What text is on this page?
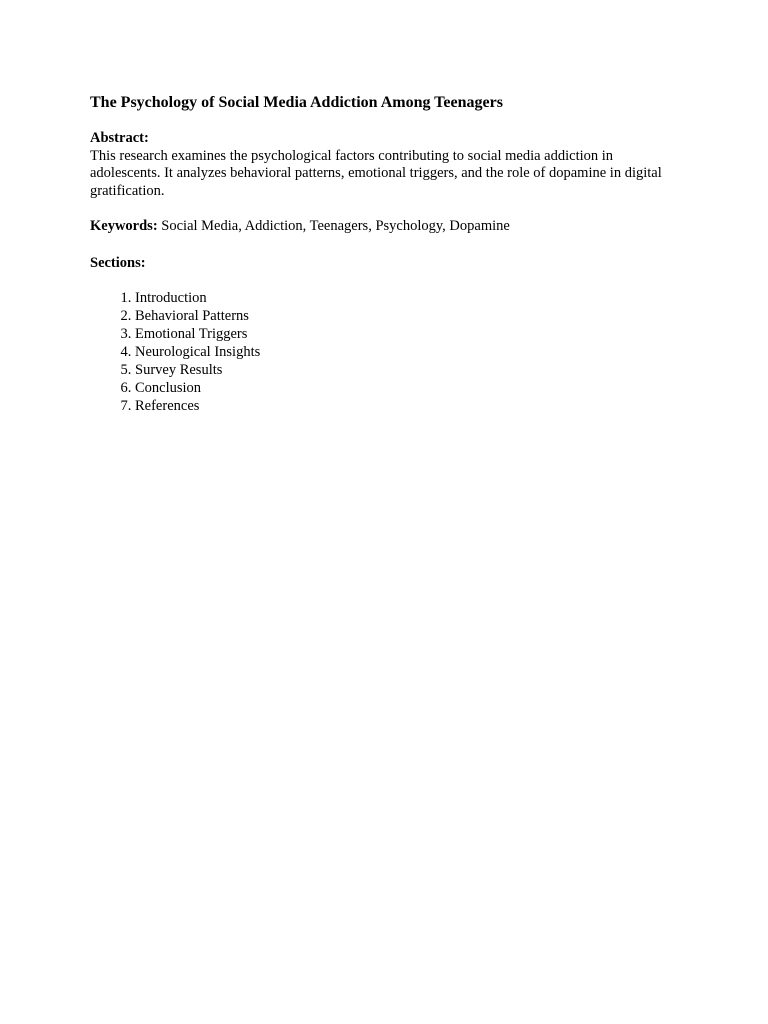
The Psychology of Social Media Addiction Among Teenagers
Abstract:
This research examines the psychological factors contributing to social media addiction in adolescents. It analyzes behavioral patterns, emotional triggers, and the role of dopamine in digital gratification.
Keywords: Social Media, Addiction, Teenagers, Psychology, Dopamine
Sections:
1. Introduction
2. Behavioral Patterns
3. Emotional Triggers
4. Neurological Insights
5. Survey Results
6. Conclusion
7. References
